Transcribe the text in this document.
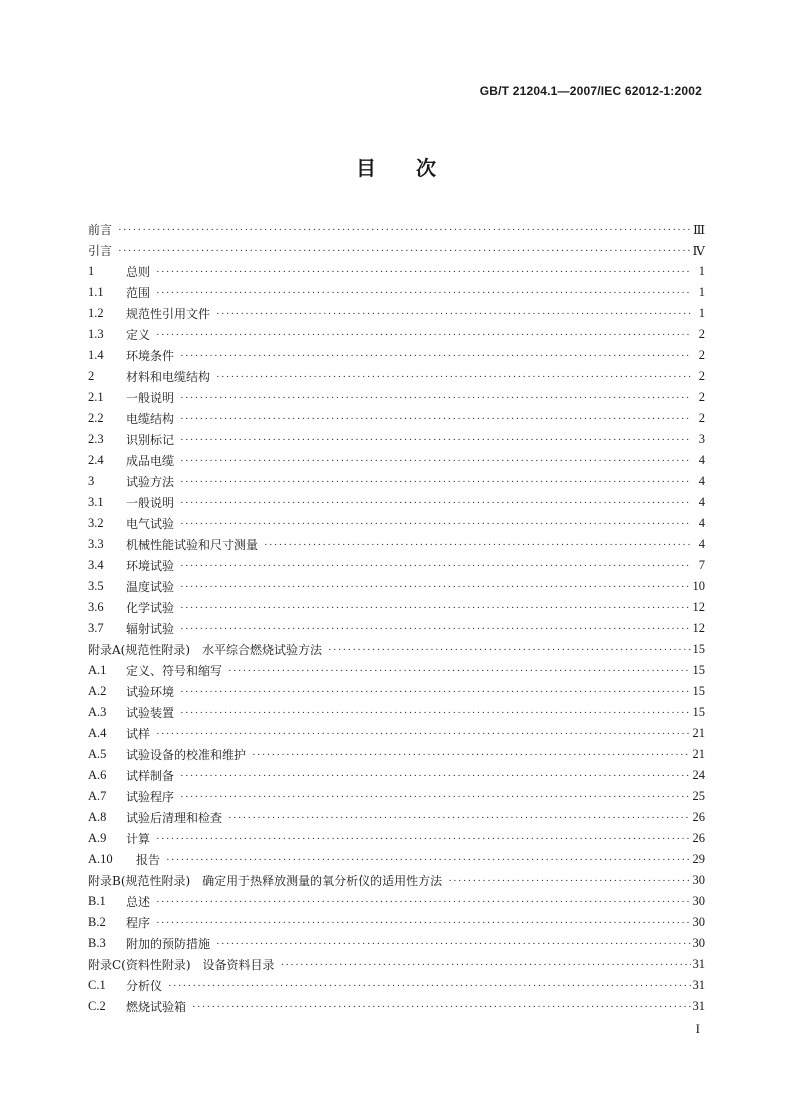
GB/T 21204.1—2007/IEC 62012-1:2002
目次
前言 ·····	Ⅲ
引言 ·····	Ⅳ
1	总则 ·····	1
1.1	范围 ·····	1
1.2	规范性引用文件 ·····	1
1.3	定义 ·····	2
1.4	环境条件 ·····	2
2	材料和电缆结构 ·····	2
2.1	一般说明 ·····	2
2.2	电缆结构 ·····	2
2.3	识别标记 ·····	3
2.4	成品电缆 ·····	4
3	试验方法 ·····	4
3.1	一般说明 ·····	4
3.2	电气试验 ·····	4
3.3	机械性能试验和尺寸测量 ·····	4
3.4	环境试验 ·····	7
3.5	温度试验 ·····	10
3.6	化学试验 ·····	12
3.7	辐射试验 ·····	12
附录A(规范性附录)　水平综合燃烧试验方法 ·····	15
A.1	定义、符号和缩写 ·····	15
A.2	试验环境 ·····	15
A.3	试验装置 ·····	15
A.4	试样 ·····	21
A.5	试验设备的校准和维护 ·····	21
A.6	试样制备 ·····	24
A.7	试验程序 ·····	25
A.8	试验后清理和检查 ·····	26
A.9	计算 ·····	26
A.10	报告 ·····	29
附录B(规范性附录)　确定用于热释放测量的氧分析仪的适用性方法 ·····	30
B.1	总述 ·····	30
B.2	程序 ·····	30
B.3	附加的预防措施 ·····	30
附录C(资料性附录)　设备资料目录 ·····	31
C.1	分析仪 ·····	31
C.2	燃烧试验箱 ·····	31
I
